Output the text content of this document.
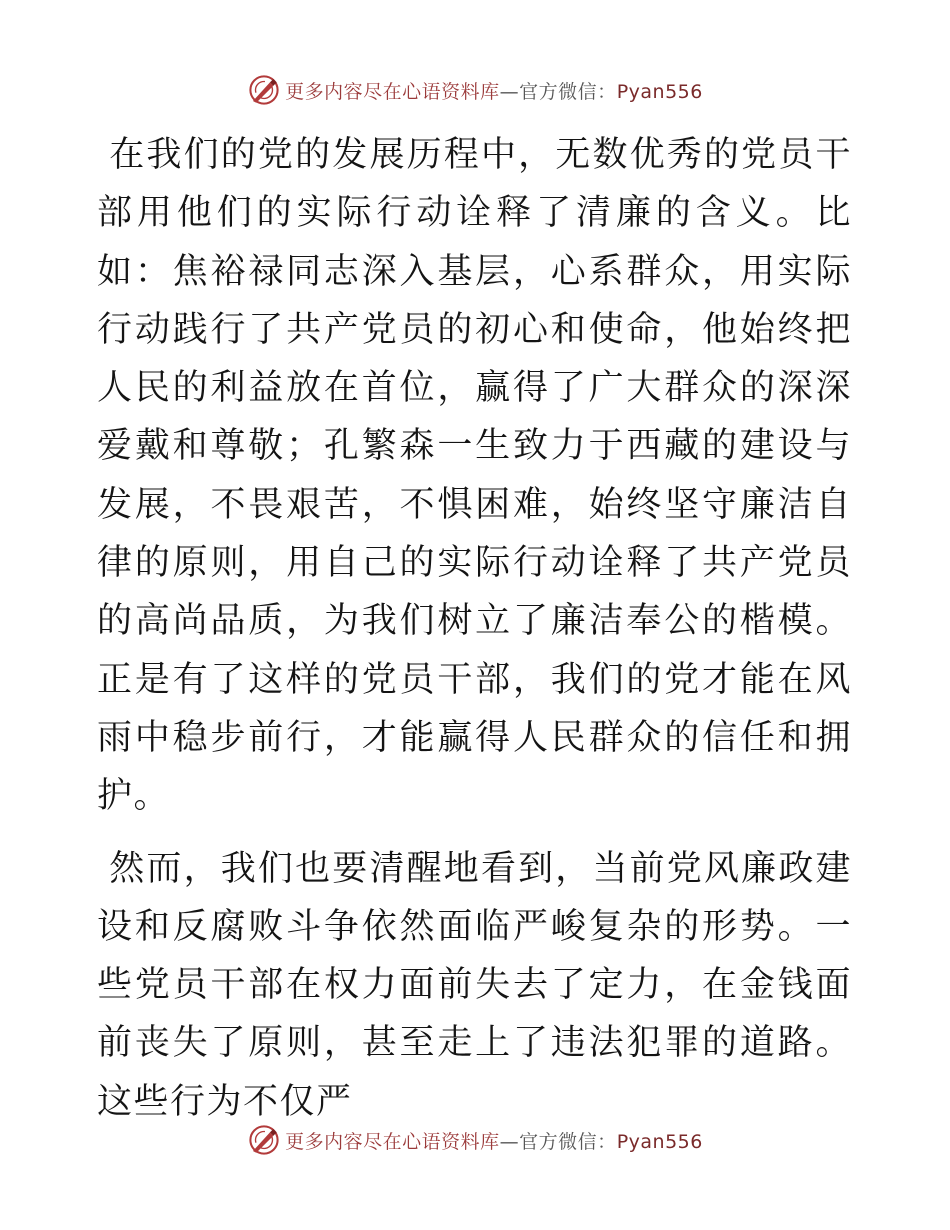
更多内容尽在心语资料库—官方微信：Pyan556

在我们的党的发展历程中，无数优秀的党员干部用他们的实际行动诠释了清廉的含义。比如：焦裕禄同志深入基层，心系群众，用实际行动践行了共产党员的初心和使命，他始终把人民的利益放在首位，赢得了广大群众的深深爱戴和尊敬；孔繁森一生致力于西藏的建设与发展，不畏艰苦，不惧困难，始终坚守廉洁自律的原则，用自己的实际行动诠释了共产党员的高尚品质，为我们树立了廉洁奉公的楷模。正是有了这样的党员干部，我们的党才能在风雨中稳步前行，才能赢得人民群众的信任和拥护。

然而，我们也要清醒地看到，当前党风廉政建设和反腐败斗争依然面临严峻复杂的形势。一些党员干部在权力面前失去了定力，在金钱面前丧失了原则，甚至走上了违法犯罪的道路。这些行为不仅严

更多内容尽在心语资料库—官方微信：Pyan556
